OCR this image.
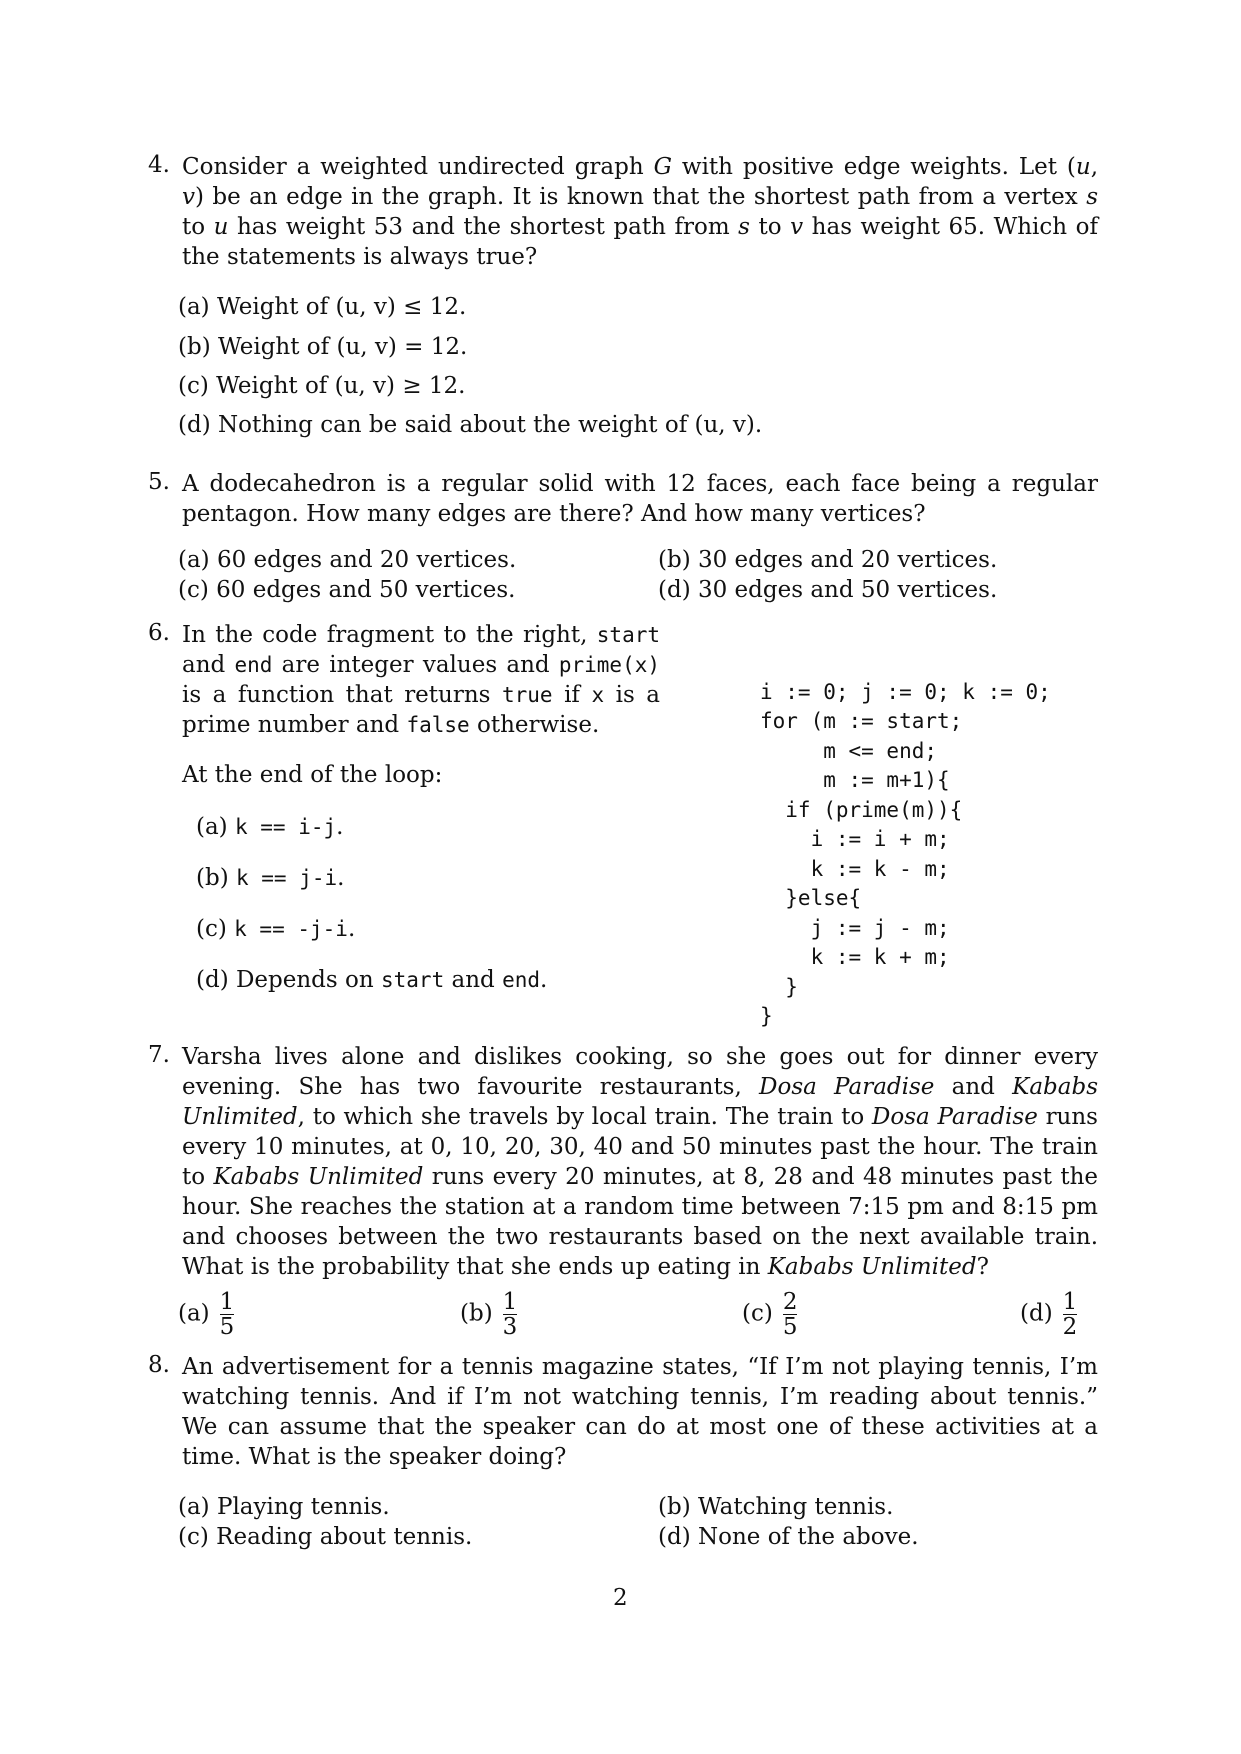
4. Consider a weighted undirected graph G with positive edge weights. Let (u, v) be an edge in the graph. It is known that the shortest path from a vertex s to u has weight 53 and the shortest path from s to v has weight 65. Which of the statements is always true?
(a) Weight of (u, v) ≤ 12.
(b) Weight of (u, v) = 12.
(c) Weight of (u, v) ≥ 12.
(d) Nothing can be said about the weight of (u, v).
5. A dodecahedron is a regular solid with 12 faces, each face being a regular pentagon. How many edges are there? And how many vertices?
(a) 60 edges and 20 vertices.	(b) 30 edges and 20 vertices.
(c) 60 edges and 50 vertices.	(d) 30 edges and 50 vertices.
6. In the code fragment to the right, start and end are integer values and prime(x) is a function that returns true if x is a prime number and false otherwise.
At the end of the loop:
(a) k == i-j.
(b) k == j-i.
(c) k == -j-i.
(d) Depends on start and end.

i := 0; j := 0; k := 0;
for (m := start;
m <= end;
m := m+1){
if (prime(m)){
i := i + m;
k := k - m;
}else{
j := j - m;
k := k + m;
}
}

7. Varsha lives alone and dislikes cooking, so she goes out for dinner every evening. She has two favourite restaurants, Dosa Paradise and Kababs Unlimited, to which she travels by local train. The train to Dosa Paradise runs every 10 minutes, at 0, 10, 20, 30, 40 and 50 minutes past the hour. The train to Kababs Unlimited runs every 20 minutes, at 8, 28 and 48 minutes past the hour. She reaches the station at a random time between 7:15 pm and 8:15 pm and chooses between the two restaurants based on the next available train. What is the probability that she ends up eating in Kababs Unlimited?
$(a) \frac{1}{5}$	$(b) \frac{1}{3}$	$(c) \frac{2}{5}$	$(d) \frac{1}{2}$
8. An advertisement for a tennis magazine states, “If I’m not playing tennis, I’m watching tennis. And if I’m not watching tennis, I’m reading about tennis.” We can assume that the speaker can do at most one of these activities at a time. What is the speaker doing?
(a) Playing tennis.	(b) Watching tennis.
(c) Reading about tennis.	(d) None of the above.
2
